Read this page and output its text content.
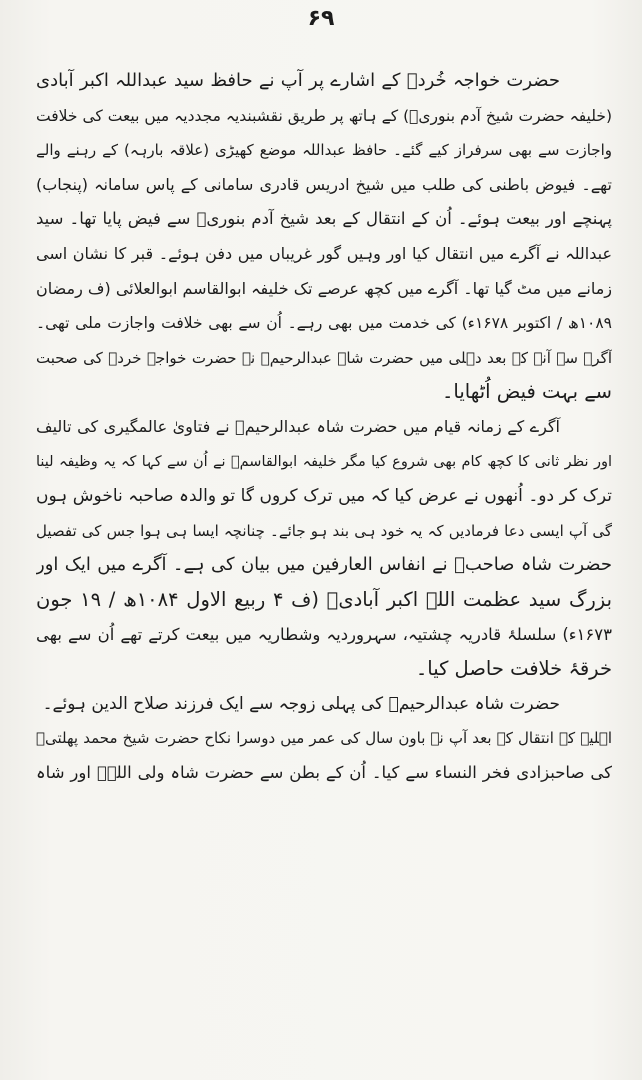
۶۹
حضرت خواجہ خُردؒ کے اشارے پر آپ نے حافظ سید عبداللہ اکبر آبادی
(خلیفہ حضرت شیخ آدم بنوریؒ) کے ہاتھ پر طریق نقشبندیہ مجددیہ میں بیعت کی خلافت
واجازت سے بھی سرفراز کیے گئے۔ حافظ عبداللہ موضع کھیڑی (علاقہ بارہہ) کے رہنے والے
تھے۔ فیوض باطنی کی طلب میں شیخ ادریس قادری سامانی کے پاس سامانہ (پنجاب)
پہنچے اور بیعت ہوئے۔ اُن کے انتقال کے بعد شیخ آدم بنوریؒ سے فیض پایا تھا۔ سید
عبداللہ نے آگرے میں انتقال کیا اور وہیں گور غریباں میں دفن ہوئے۔ قبر کا نشان اسی
زمانے میں مٹ گیا تھا۔ آگرے میں کچھ عرصے تک خلیفہ ابوالقاسم ابوالعلائی (ف رمضان
۱۰۸۹ھ / اکتوبر ۱۶۷۸ء) کی خدمت میں بھی رہے۔ اُن سے بھی خلافت واجازت ملی تھی۔
آگرے سے آنے کے بعد دہلی میں حضرت شاہ عبدالرحیمؒ نے حضرت خواجہ خردؒ کی صحبت
سے بہت فیض اُٹھایا۔
آگرے کے زمانہ قیام میں حضرت شاہ عبدالرحیمؒ نے فتاویٰ عالمگیری کی تالیف
اور نظر ثانی کا کچھ کام بھی شروع کیا مگر خلیفہ ابوالقاسمؒ نے اُن سے کہا کہ یہ وظیفہ لینا
ترک کر دو۔ اُنھوں نے عرض کیا کہ میں ترک کروں گا تو والدہ صاحبہ ناخوش ہوں
گی آپ ایسی دعا فرمادیں کہ یہ خود ہی بند ہو جائے۔ چنانچہ ایسا ہی ہوا جس کی تفصیل
حضرت شاہ صاحبؒ نے انفاس العارفین میں بیان کی ہے۔ آگرے میں ایک اور
بزرگ سید عظمت اللہ اکبر آبادیؒ (ف ۴ ربیع الاول ۱۰۸۴ھ / ۱۹ جون
۱۶۷۳ء) سلسلۂ قادریہ چشتیہ، سہروردیہ وشطاریہ میں بیعت کرتے تھے اُن سے بھی
خرقۂ خلافت حاصل کیا۔
حضرت شاہ عبدالرحیمؒ کی پہلی زوجہ سے ایک فرزند صلاح الدین ہوئے۔
اہلیہ کے انتقال کے بعد آپ نے باون سال کی عمر میں دوسرا نکاح حضرت شیخ محمد پھلتیؒ
کی صاحبزادی فخر النساء سے کیا۔ اُن کے بطن سے حضرت شاہ ولی اللہؒ اور شاہ
